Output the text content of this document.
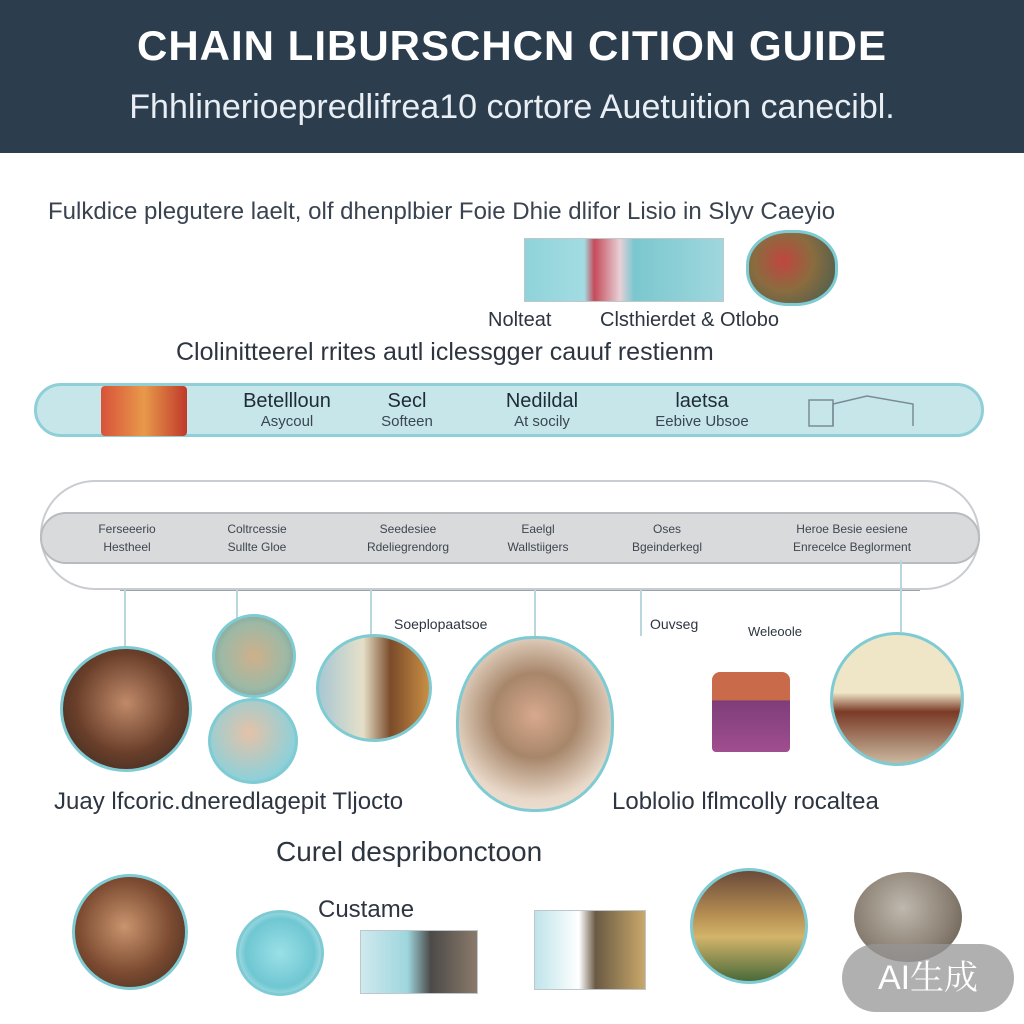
CHAIN LIBURSCHCN CITION GUIDE
Fhhlinerioepredlifrea10 cortore Auetuition canecibl.
Fulkdice plegutere laelt, olf dhenplbier Foie Dhie dlifor Lisio in Slyv Caeyio
Nolteat Clsthierdet & Otlobo
Clolinitteerel rrites autl iclessgger cauuf restienm
Betellloun
Asycoul
Secl
Softeen
Nedildal
At socily
laetsa
Eebive Ubsoe
Ferseeerio
Hestheel
Coltrcessie
Sullte Gloe
Seedesiee
Rdeliegrendorg
Eaelgl
Wallstiigers
Oses
Bgeinderkegl
Heroe Besie eesiene
Enrecelce Beglorment
Soeplopaatsoe	Ouvseg	Weleoole
Juay lfcoric.dneredlagepit Tljocto	Loblolio lflmcolly rocaltea
Curel despribonctoon
Custame
AI生成
